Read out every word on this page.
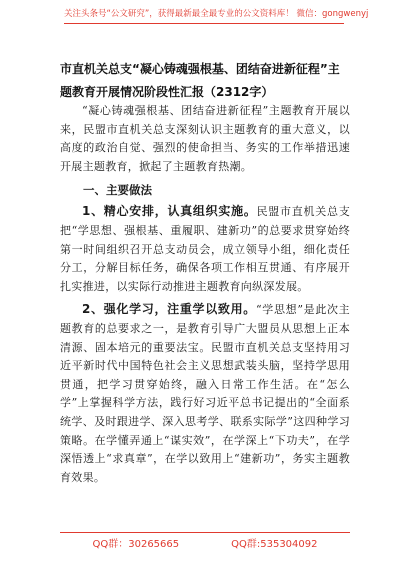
关注头条号“公文研究”，获得最新最全最专业的公文资料库！ 微信：gongwenyj
市直机关总支“凝心铸魂强根基、团结奋进新征程”主题教育开展情况阶段性汇报（2312字）

“凝心铸魂强根基、团结奋进新征程”主题教育开展以来，民盟市直机关总支深刻认识主题教育的重大意义，以高度的政治自觉、强烈的使命担当、务实的工作举措迅速开展主题教育，掀起了主题教育热潮。

一、主要做法

1、精心安排，认真组织实施。民盟市直机关总支把“学思想、强根基、重履职、建新功”的总要求贯穿始终第一时间组织召开总支动员会，成立领导小组，细化责任分工，分解目标任务，确保各项工作相互贯通、有序展开扎实推进，以实际行动推进主题教育向纵深发展。

2、强化学习，注重学以致用。“学思想”是此次主题教育的总要求之一，是教育引导广大盟员从思想上正本清源、固本培元的重要法宝。民盟市直机关总支坚持用习近平新时代中国特色社会主义思想武装头脑，坚持学思用贯通，把学习贯穿始终，融入日常工作生活。在“怎么学”上掌握科学方法，践行好习近平总书记提出的“全面系统学、及时跟进学、深入思考学、联系实际学”这四种学习策略。在学懂弄通上“谋实效”，在学深上“下功夫”，在学深悟透上“求真章”，在学以致用上“建新功”，务实主题教育效果。

QQ群：30265665	QQ群:535304092
